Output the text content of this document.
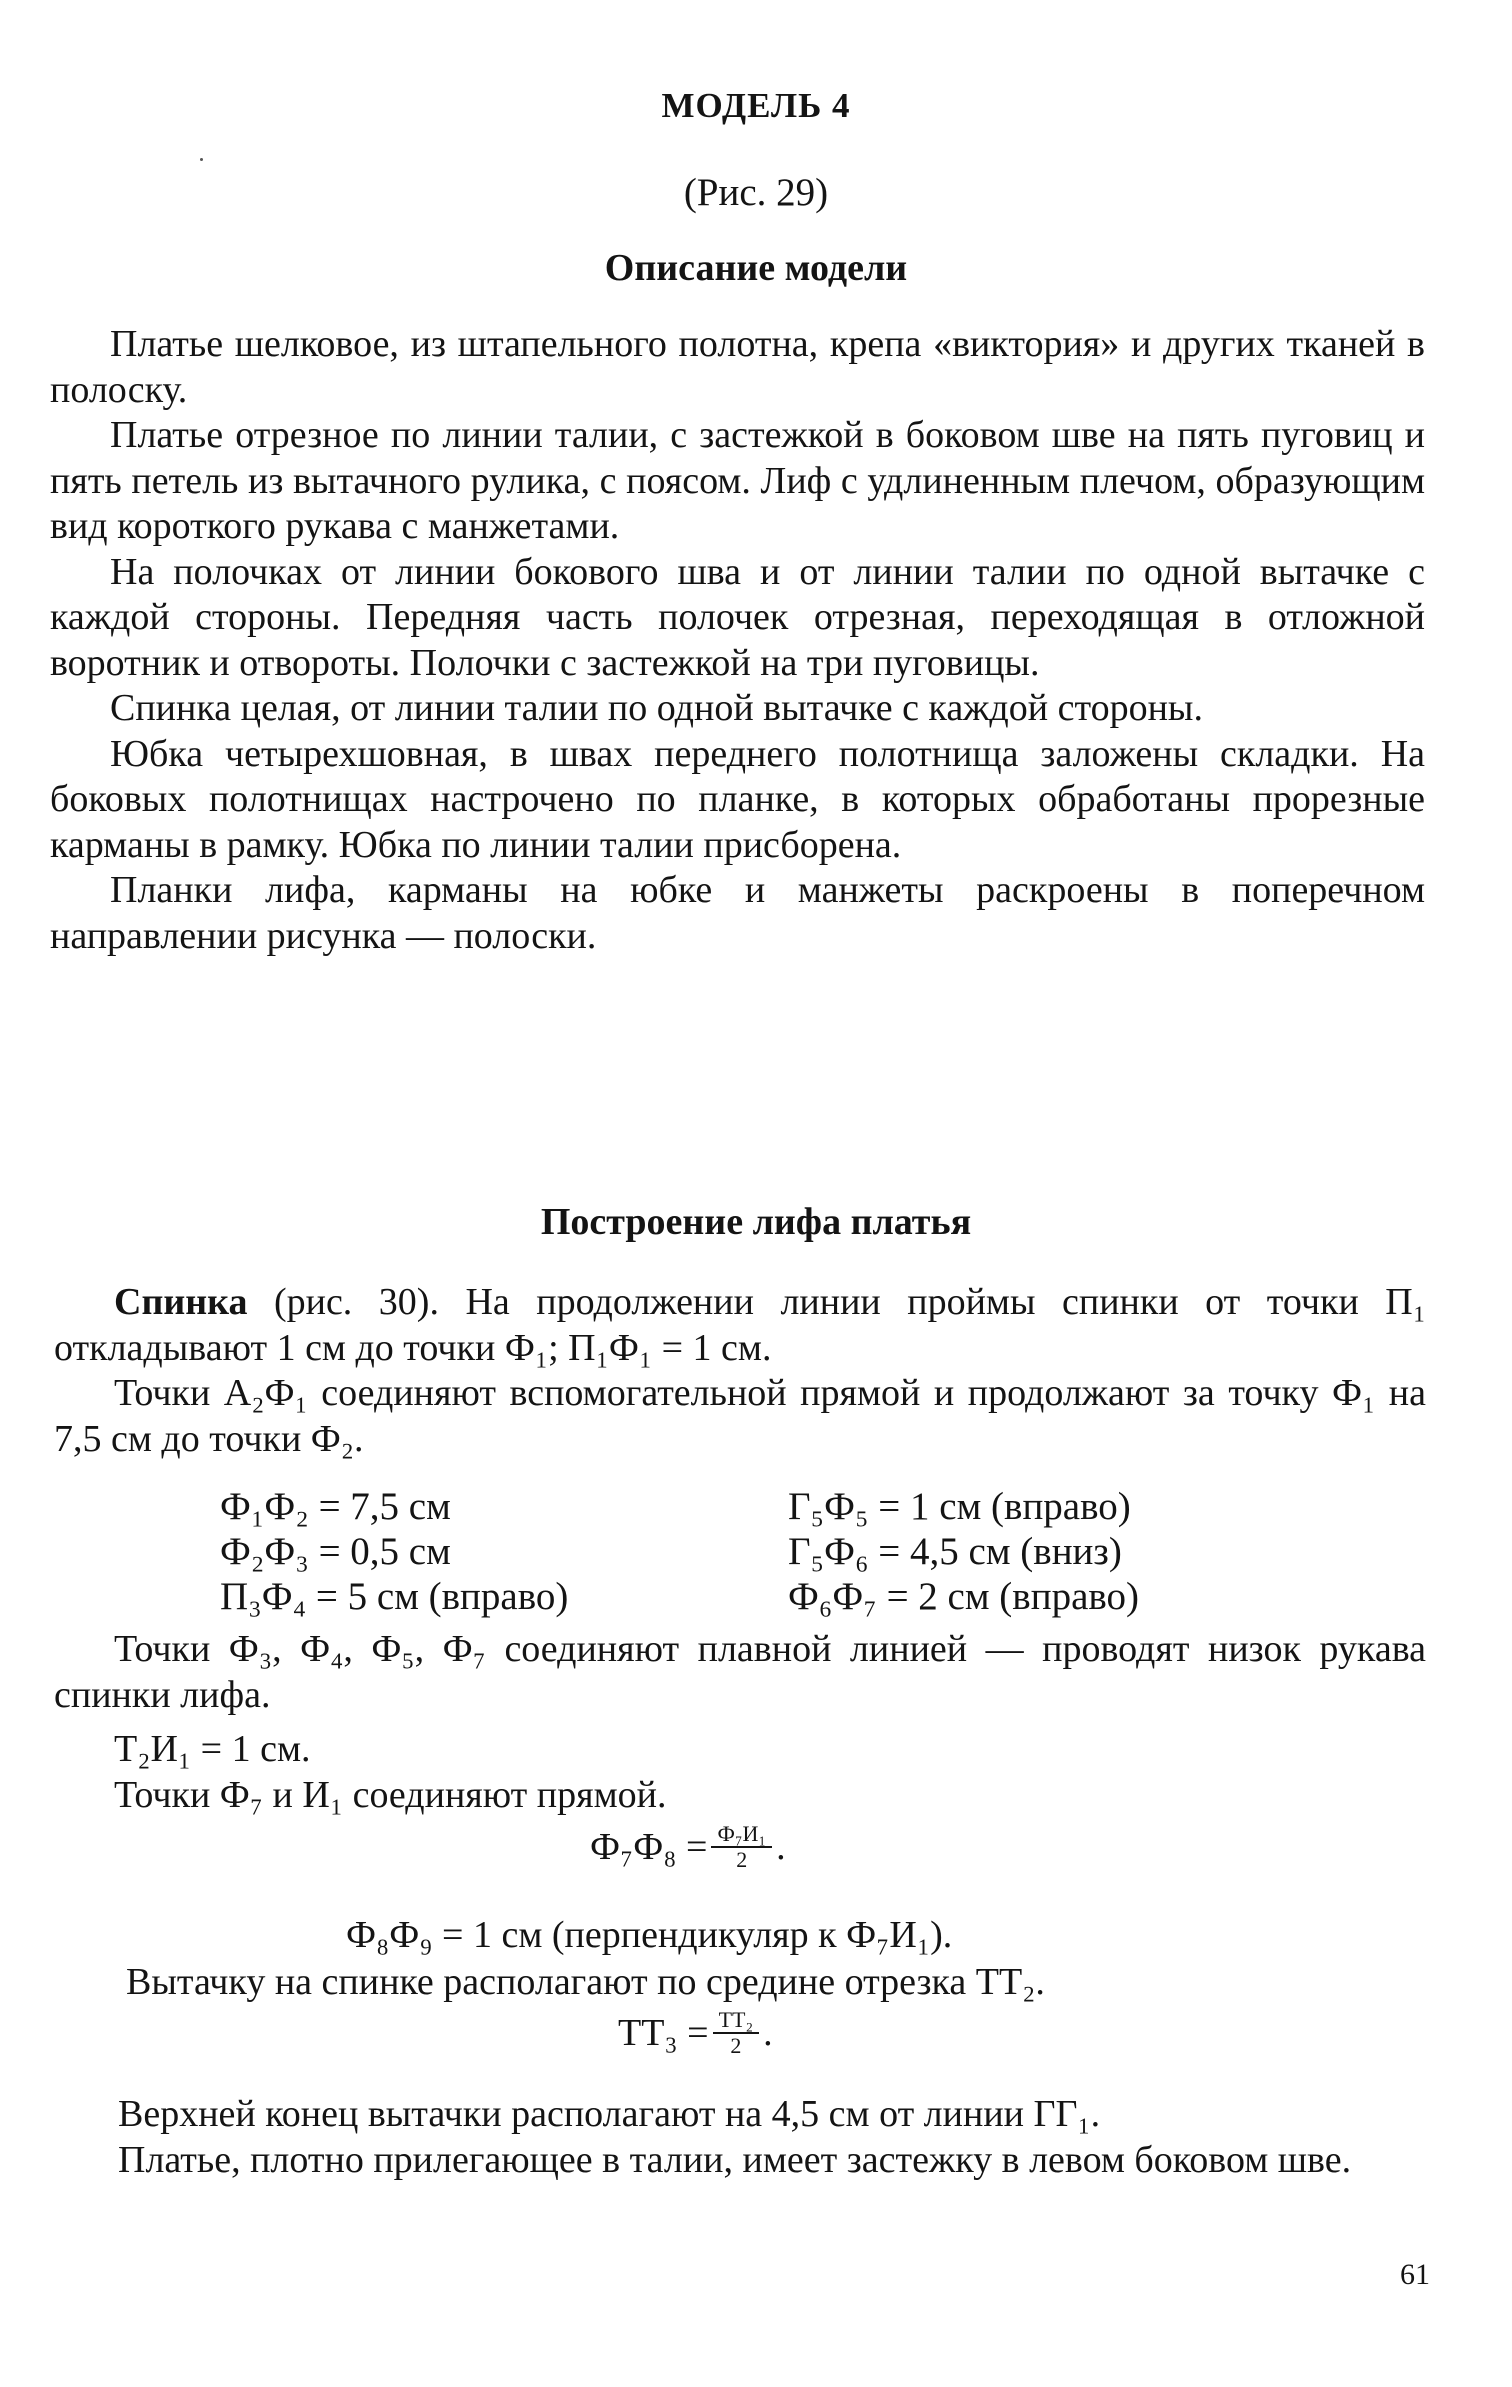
МОДЕЛЬ 4
(Рис. 29)
Описание модели

Платье шелковое, из штапельного полотна, крепа «виктория» и других тканей в полоску.

Платье отрезное по линии талии, с застежкой в боковом шве на пять пуговиц и пять петель из вытачного рулика, с поясом. Лиф с удлиненным плечом, образующим вид короткого рукава с манжетами.

На полочках от линии бокового шва и от линии талии по одной вытачке с каждой стороны. Передняя часть полочек отрезная, переходящая в отложной воротник и отвороты. Полочки с застежкой на три пуговицы.

Спинка целая, от линии талии по одной вытачке с каждой стороны.

Юбка четырехшовная, в швах переднего полотнища заложены складки. На боковых полотнищах настрочено по планке, в которых обработаны прорезные карманы в рамку. Юбка по линии талии присборена.

Планки лифа, карманы на юбке и манжеты раскроены в поперечном направлении рисунка — полоски.

Построение лифа платья

Спинка (рис. 30). На продолжении линии проймы спинки от точки П₁ откладывают 1 см до точки Ф₁; П₁Ф₁ = 1 см.

Точки А₂Ф₁ соединяют вспомогательной прямой и продолжают за точку Ф₁ на 7,5 см до точки Ф₂.

Ф₁Ф₂ = 7,5 см
Ф₂Ф₃ = 0,5 см
П₃Ф₄ = 5 см (вправо)
Г₅Ф₅ = 1 см (вправо)
Г₅Ф₆ = 4,5 см (вниз)
Ф₆Ф₇ = 2 см (вправо)

Точки Ф₃, Ф₄, Ф₅, Ф₇ соединяют плавной линией — проводят низок рукава спинки лифа.

Т₂И₁ = 1 см.
Точки Ф₇ и И₁ соединяют прямой.
$Ф_7Ф_8 = \frac{\text{Ф₇И₁}}{2}$ .
Ф₈Ф₉ = 1 см (перпендикуляр к Ф₇И₁).
Вытачку на спинке располагают по средине отрезка ТТ₂.
$ТТ_3 = \frac{\text{ТТ₂}}{2}$ .

Верхней конец вытачки располагают на 4,5 см от линии ГГ₁.

Платье, плотно прилегающее в талии, имеет застежку в левом боковом шве.

61
